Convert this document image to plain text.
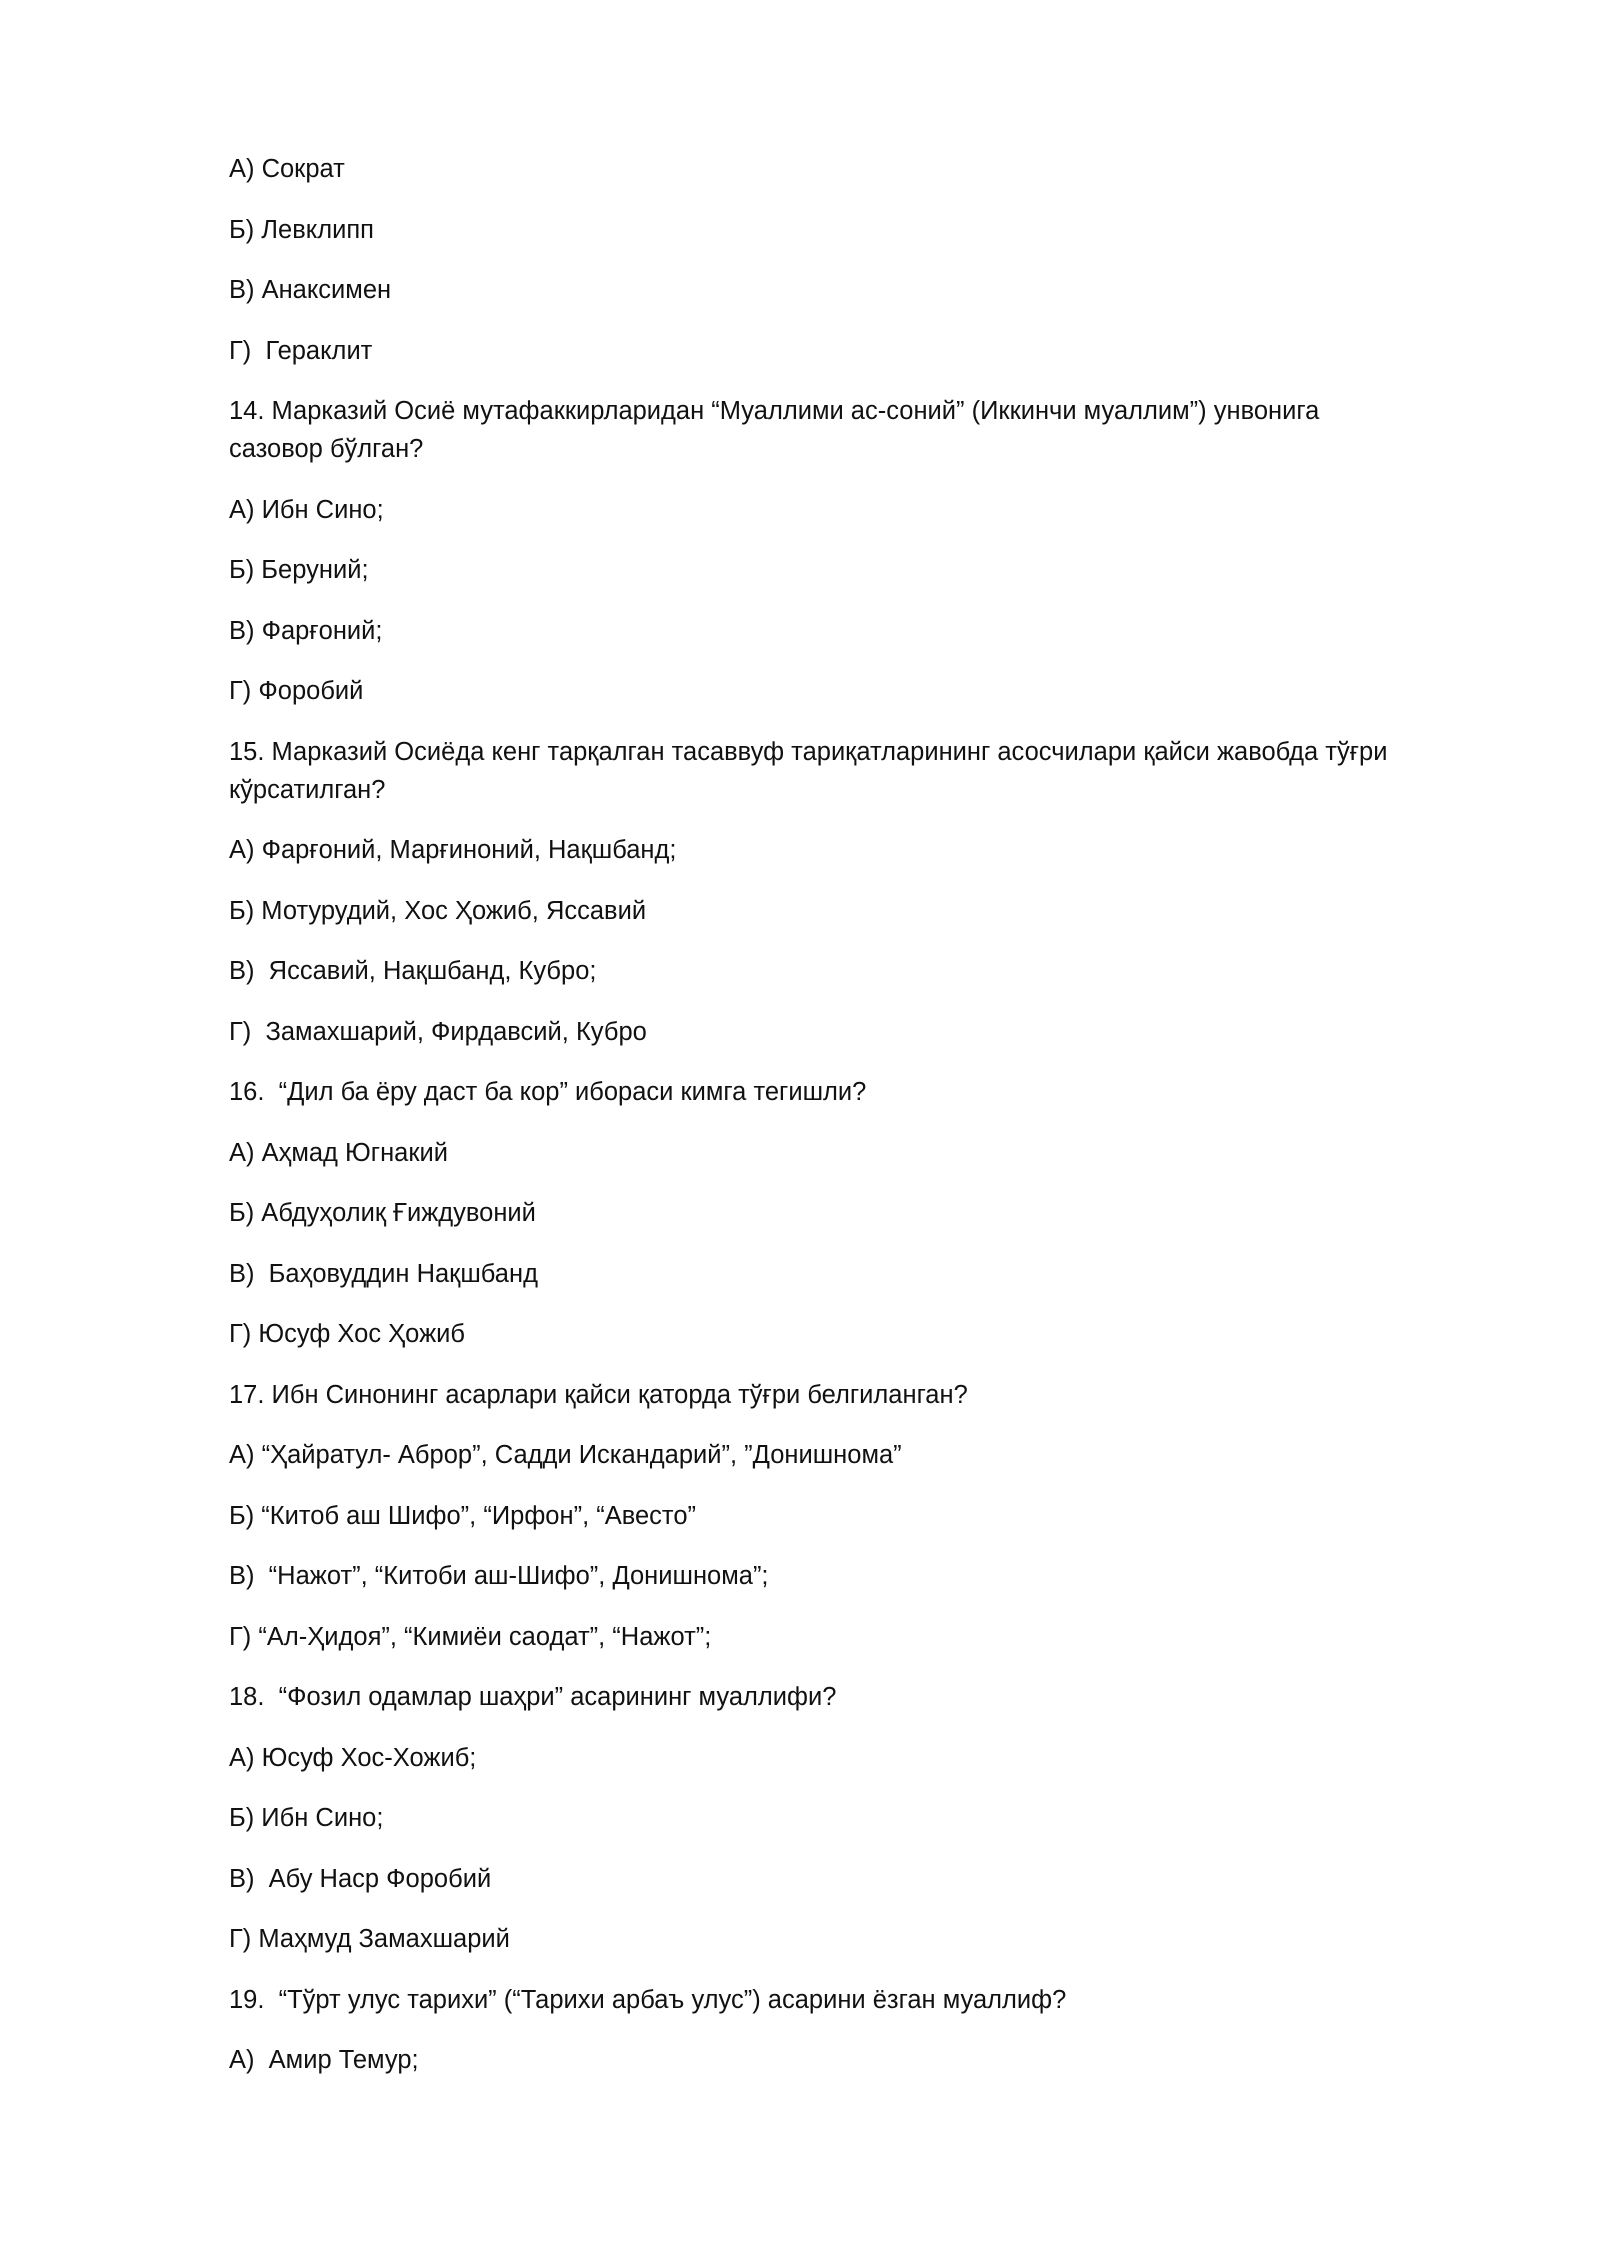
А) Сократ
Б) Левклипп
В) Анаксимен
Г)  Гераклит
14. Марказий Осиё мутафаккирларидан “Муаллими ас-соний” (Иккинчи муаллим”) унвонига
сазовор бўлган?
А) Ибн Сино;
Б) Беруний;
В) Фарғоний;
Г) Форобий
15. Марказий Осиёда кенг тарқалган тасаввуф тариқатларининг асосчилари қайси жавобда тўғри
кўрсатилган?
А) Фарғоний, Марғиноний, Нақшбанд;
Б) Мотурудий, Хос Ҳожиб, Яссавий
В)  Яссавий, Нақшбанд, Кубро;
Г)  Замахшарий, Фирдавсий, Кубро
16.  “Дил ба ёру даст ба кор” ибораси кимга тегишли?
А) Аҳмад Югнакий
Б) Абдуҳолиқ Ғиждувоний
В)  Баҳовуддин Нақшбанд
Г) Юсуф Хос Ҳожиб
17. Ибн Синонинг асарлари қайси қаторда тўғри белгиланган?
А) “Ҳайратул- Аброр”, Садди Искандарий”, ”Донишнома”
Б) “Китоб аш Шифо”, “Ирфон”, “Авесто”
В)  “Нажот”, “Китоби аш-Шифо”, Донишнома”;
Г) “Ал-Ҳидоя”, “Кимиёи саодат”, “Нажот”;
18.  “Фозил одамлар шаҳри” асарининг муаллифи?
А) Юсуф Хос-Хожиб;
Б) Ибн Сино;
В)  Абу Наср Форобий
Г) Маҳмуд Замахшарий
19.  “Тўрт улус тарихи” (“Тарихи арбаъ улус”) асарини ёзган муаллиф?
А)  Амир Темур;
